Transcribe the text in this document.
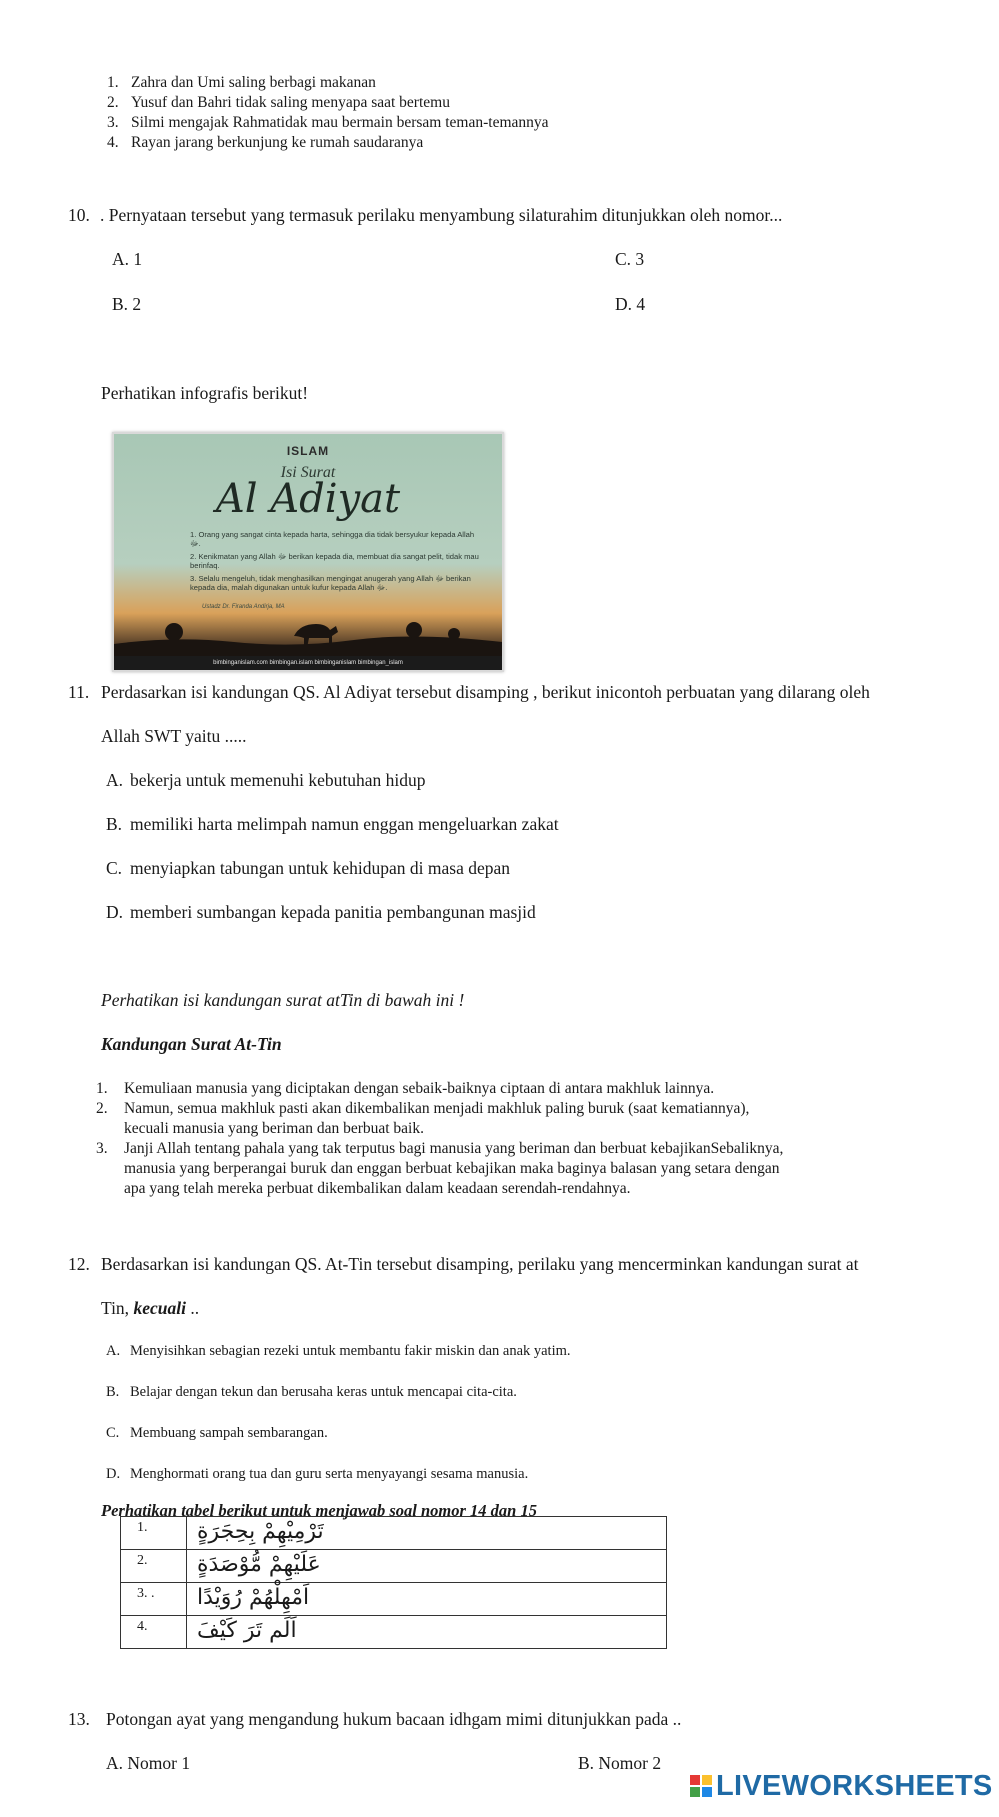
1. Zahra dan Umi saling berbagi makanan
2. Yusuf dan Bahri tidak saling menyapa saat bertemu
3. Silmi mengajak Rahmatidak mau bermain bersam teman-temannya
4. Rayan jarang berkunjung ke rumah saudaranya
10. . Pernyataan tersebut yang termasuk perilaku menyambung silaturahim ditunjukkan oleh nomor...
A. 1	C. 3
B. 2	D. 4
Perhatikan infografis berikut!
ISLAM
Isi Surat
Al Adiyat
1. Orang yang sangat cinta kepada harta, sehingga dia tidak bersyukur kepada Allah ﷻ.
2. Kenikmatan yang Allah ﷻ berikan kepada dia, membuat dia sangat pelit, tidak mau berinfaq.
3. Selalu mengeluh, tidak menghasilkan mengingat anugerah yang Allah ﷻ berikan kepada dia, malah digunakan untuk kufur kepada Allah ﷻ.
Ustadz Dr. Firanda Andirja, MA
bimbinganislam.com bimbingan.islam bimbinganislam bimbingan_islam
11. Perdasarkan isi kandungan QS. Al Adiyat tersebut disamping , berikut inicontoh perbuatan yang dilarang oleh
Allah SWT yaitu .....
A. bekerja untuk memenuhi kebutuhan hidup
B. memiliki harta melimpah namun enggan mengeluarkan zakat
C. menyiapkan tabungan untuk kehidupan di masa depan
D. memberi sumbangan kepada panitia pembangunan masjid
Perhatikan isi kandungan surat atTin di bawah ini !
Kandungan Surat At-Tin
1.	Kemuliaan manusia yang diciptakan dengan sebaik-baiknya ciptaan di antara makhluk lainnya.
2.	Namun, semua makhluk pasti akan dikembalikan menjadi makhluk paling buruk (saat kematiannya),
kecuali manusia yang beriman dan berbuat baik.
3.	Janji Allah tentang pahala yang tak terputus bagi manusia yang beriman dan berbuat kebajikanSebaliknya,
manusia yang berperangai buruk dan enggan berbuat kebajikan maka baginya balasan yang setara dengan
apa yang telah mereka perbuat dikembalikan dalam keadaan serendah-rendahnya.
12. Berdasarkan isi kandungan QS. At-Tin tersebut disamping, perilaku yang mencerminkan kandungan surat at
Tin, kecuali ..
A. Menyisihkan sebagian rezeki untuk membantu fakir miskin dan anak yatim.
B. Belajar dengan tekun dan berusaha keras untuk mencapai cita-cita.
C. Membuang sampah sembarangan.
D. Menghormati orang tua dan guru serta menyayangi sesama manusia.
Perhatikan tabel berikut untuk menjawab soal nomor 14 dan 15
1.	تَرْمِيْهِمْ بِحِجَرَةٍ
2.	عَلَيْهِمْ مُّوْصَدَةٍ
3. .	اَمْهِلْهُمْ رُوَيْدًا
4.	اَلَم تَرَ كَيْفَ
13. Potongan ayat yang mengandung hukum bacaan idhgam mimi ditunjukkan pada ..
A. Nomor 1	B. Nomor 2
LIVEWORKSHEETS
